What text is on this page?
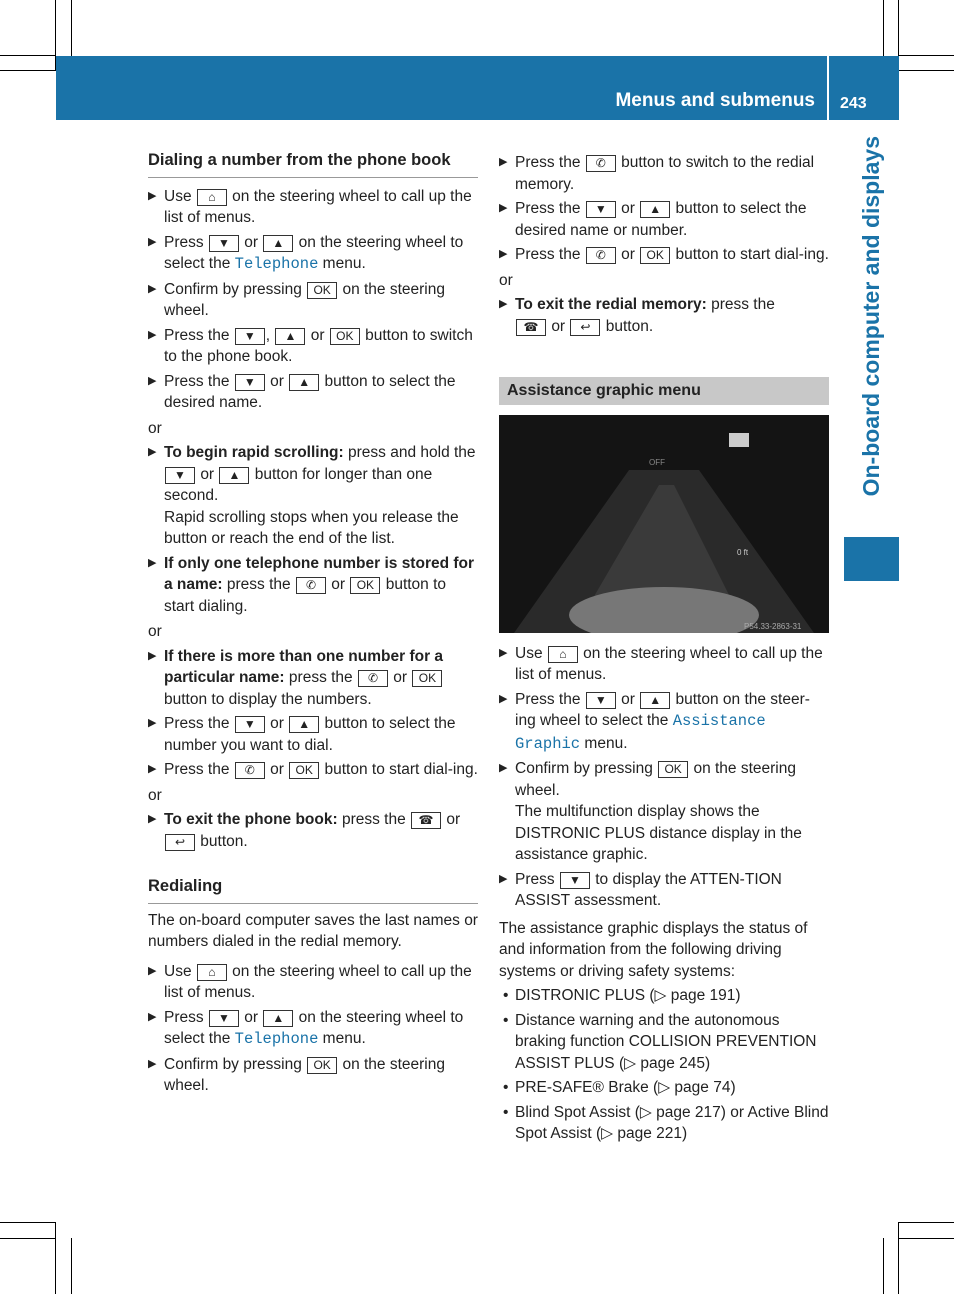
Menus and submenus 243
On-board computer and displays
Dialing a number from the phone book
▶ Use ⌂ on the steering wheel to call up the list of menus.
▶ Press ▼ or ▲ on the steering wheel to select the Telephone menu.
▶ Confirm by pressing OK on the steering wheel.
▶ Press the ▼ , ▲ or OK button to switch to the phone book.
▶ Press the ▼ or ▲ button to select the desired name.
or
▶ To begin rapid scrolling: press and hold the ▼ or ▲ button for longer than one second.
Rapid scrolling stops when you release the button or reach the end of the list.
▶ If only one telephone number is stored for a name: press the ✆ or OK button to start dialing.
or
▶ If there is more than one number for a particular name: press the ✆ or OK button to display the numbers.
▶ Press the ▼ or ▲ button to select the number you want to dial.
▶ Press the ✆ or OK button to start dial-ing.
or
▶ To exit the phone book: press the ☎ or
↩ button.
Redialing
The on-board computer saves the last names or numbers dialed in the redial memory.
▶ Use ⌂ on the steering wheel to call up the list of menus.
▶ Press ▼ or ▲ on the steering wheel to select the Telephone menu.
▶ Confirm by pressing OK on the steering wheel.
▶ Press the ✆ button to switch to the redial memory.
▶ Press the ▼ or ▲ button to select the desired name or number.
▶ Press the ✆ or OK button to start dial-ing.
or
▶ To exit the redial memory: press the
☎ or ↩ button.
Assistance graphic menu
OFF
0 ft
P54.33-2863-31
▶ Use ⌂ on the steering wheel to call up the list of menus.
▶ Press the ▼ or ▲ button on the steer-ing wheel to select the Assistance Graphic menu.
▶ Confirm by pressing OK on the steering wheel.
The multifunction display shows the DISTRONIC PLUS distance display in the assistance graphic.
▶ Press ▼ to display the ATTEN-TION ASSIST assessment.
The assistance graphic displays the status of and information from the following driving systems or driving safety systems:
• DISTRONIC PLUS (▷ page 191)
• Distance warning and the autonomous braking function COLLISION PREVENTION ASSIST PLUS (▷ page 245)
• PRE-SAFE® Brake (▷ page 74)
• Blind Spot Assist (▷ page 217) or Active Blind Spot Assist (▷ page 221)
